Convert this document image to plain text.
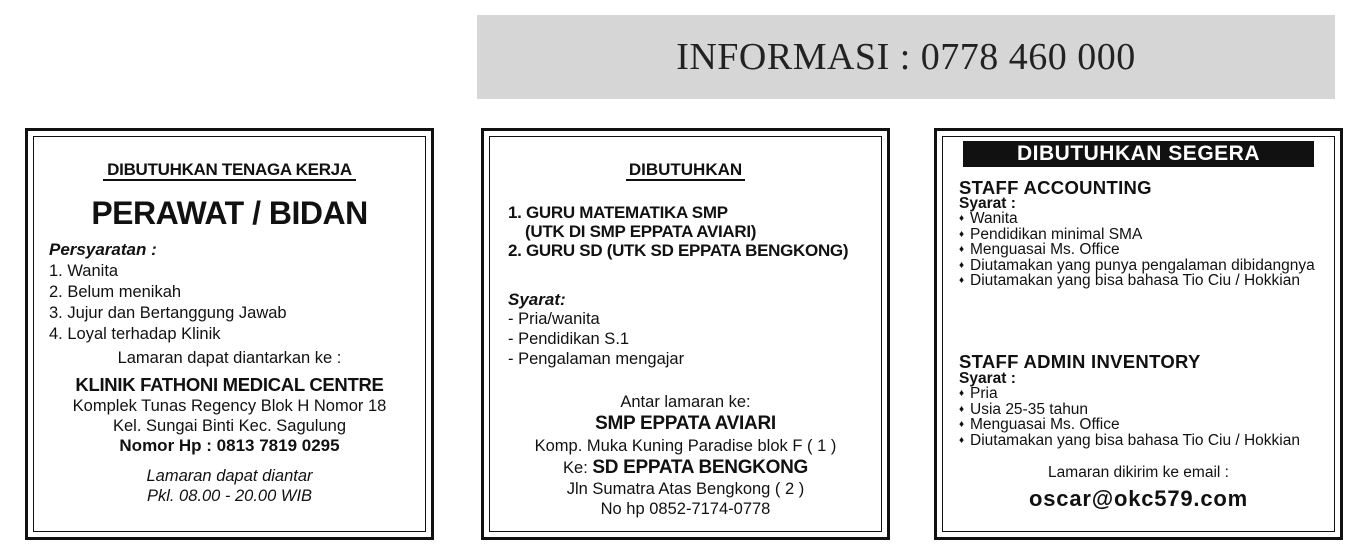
INFORMASI : 0778 460 000
DIBUTUHKAN TENAGA KERJA
PERAWAT / BIDAN
Persyaratan :
1. Wanita
2. Belum menikah
3. Jujur dan Bertanggung Jawab
4. Loyal terhadap Klinik
Lamaran dapat diantarkan ke :
KLINIK FATHONI MEDICAL CENTRE
Komplek Tunas Regency Blok H Nomor 18
Kel. Sungai Binti Kec. Sagulung
Nomor Hp : 0813 7819 0295
Lamaran dapat diantar
Pkl. 08.00 - 20.00 WIB
DIBUTUHKAN
1. GURU MATEMATIKA SMP
(UTK DI SMP EPPATA AVIARI)
2. GURU SD (UTK SD EPPATA BENGKONG)
Syarat:
- Pria/wanita
- Pendidikan S.1
- Pengalaman mengajar
Antar lamaran ke:
SMP EPPATA AVIARI
Komp. Muka Kuning Paradise blok F ( 1 )
Ke: SD EPPATA BENGKONG
Jln Sumatra Atas Bengkong ( 2 )
No hp 0852-7174-0778
DIBUTUHKAN SEGERA
STAFF ACCOUNTING
Syarat :
♦ Wanita
♦ Pendidikan minimal SMA
♦ Menguasai Ms. Office
♦ Diutamakan yang punya pengalaman dibidangnya
♦ Diutamakan yang bisa bahasa Tio Ciu / Hokkian
STAFF ADMIN INVENTORY
Syarat :
♦ Pria
♦ Usia 25-35 tahun
♦ Menguasai Ms. Office
♦ Diutamakan yang bisa bahasa Tio Ciu / Hokkian
Lamaran dikirim ke email :
oscar@okc579.com
